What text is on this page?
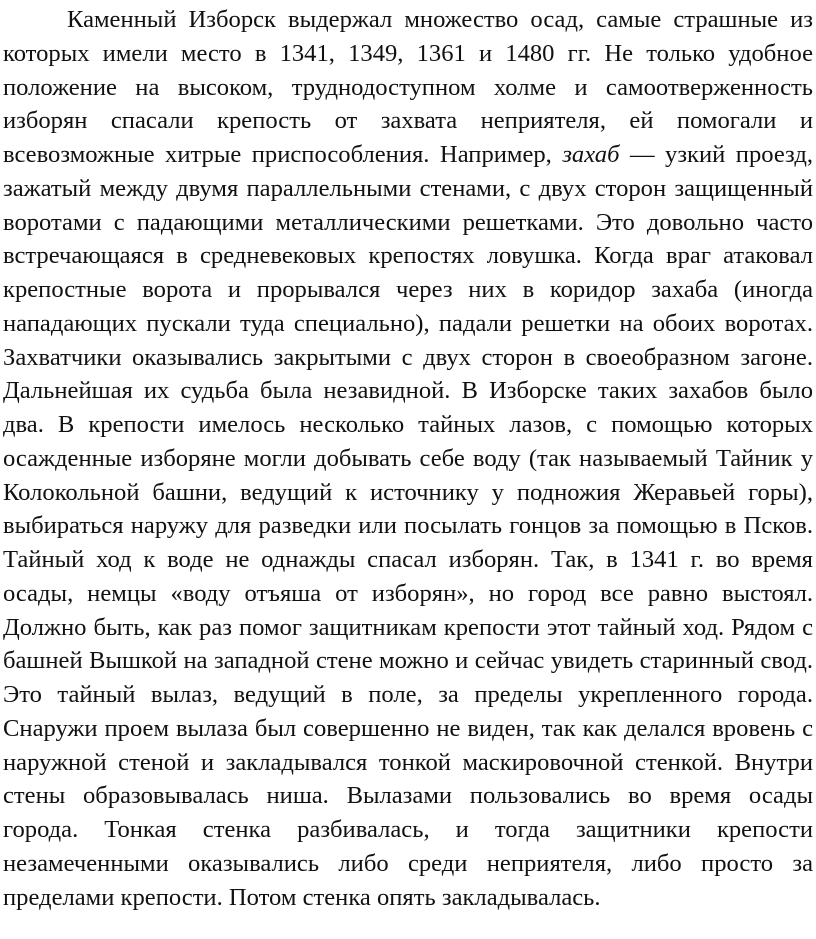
Каменный Изборск выдержал множество осад, самые страшные из которых имели место в 1341, 1349, 1361 и 1480 гг. Не только удобное положение на высоком, труднодоступном холме и самоотверженность изборян спасали крепость от захвата неприятеля, ей помогали и всевозможные хитрые приспособления. Например, захаб — узкий проезд, зажатый между двумя параллельными стенами, с двух сторон защищенный воротами с падающими металлическими решетками. Это довольно часто встречающаяся в средневековых крепостях ловушка. Когда враг атаковал крепостные ворота и прорывался через них в коридор захаба (иногда нападающих пускали туда специально), падали решетки на обоих воротах. Захватчики оказывались закрытыми с двух сторон в своеобразном загоне. Дальнейшая их судьба была незавидной. В Изборске таких захабов было два. В крепости имелось несколько тайных лазов, с помощью которых осажденные изборяне могли добывать себе воду (так называемый Тайник у Колокольной башни, ведущий к источнику у подножия Жеравьей горы), выбираться наружу для разведки или посылать гонцов за помощью в Псков. Тайный ход к воде не однажды спасал изборян. Так, в 1341 г. во время осады, немцы «воду отъяша от изборян», но город все равно выстоял. Должно быть, как раз помог защитникам крепости этот тайный ход. Рядом с башней Вышкой на западной стене можно и сейчас увидеть старинный свод. Это тайный вылаз, ведущий в поле, за пределы укрепленного города. Снаружи проем вылаза был совершенно не виден, так как делался вровень с наружной стеной и закладывался тонкой маскировочной стенкой. Внутри стены образовывалась ниша. Вылазами пользовались во время осады города. Тонкая стенка разбивалась, и тогда защитники крепости незамеченными оказывались либо среди неприятеля, либо просто за пределами крепости. Потом стенка опять закладывалась.
